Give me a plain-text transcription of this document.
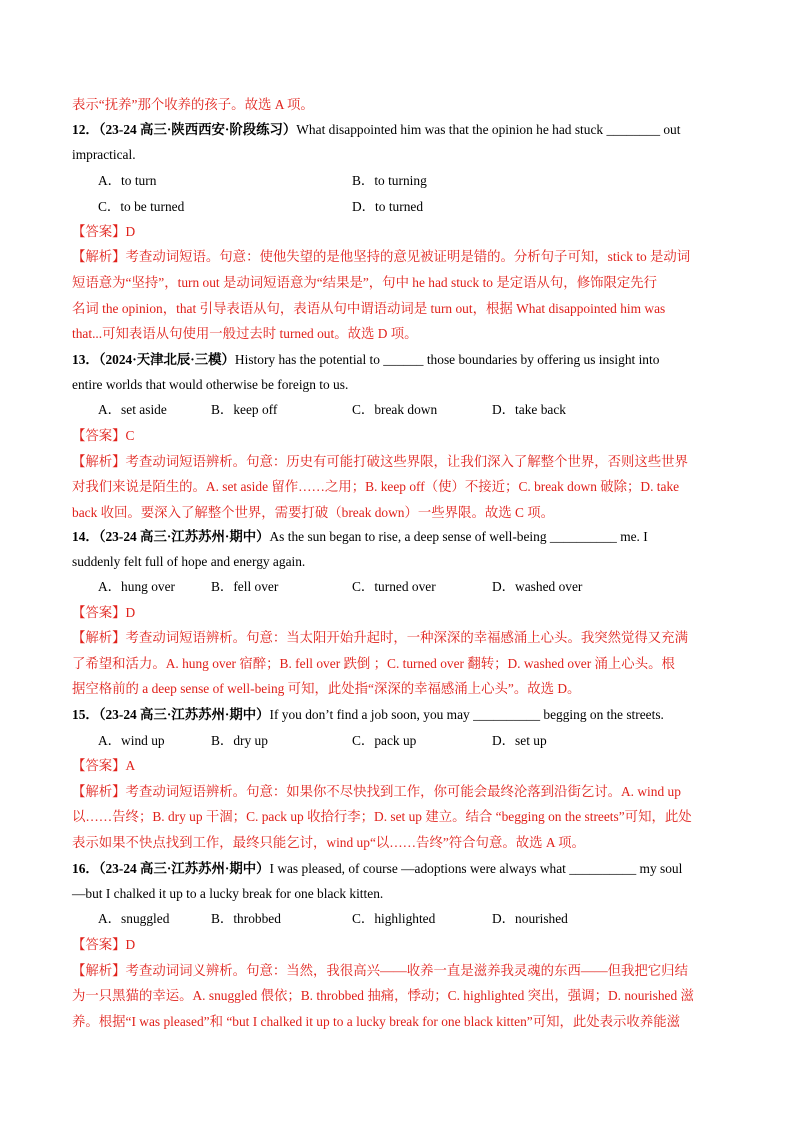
表示“抚养”那个收养的孩子。故选 A 项。
12．（23-24 高三·陕西西安·阶段练习）What disappointed him was that the opinion he had stuck ________ out
impractical.
A．to turn	B．to turning
C．to be turned	D．to turned
【答案】D
【解析】考查动词短语。句意：使他失望的是他坚持的意见被证明是错的。分析句子可知，stick to 是动词
短语意为“坚持”，turn out 是动词短语意为“结果是”，句中 he had stuck to 是定语从句，修饰限定先行
名词 the opinion，that 引导表语从句，表语从句中谓语动词是 turn out，根据 What disappointed him was
that...可知表语从句使用一般过去时 turned out。故选 D 项。
13．（2024·天津北辰·三模）History has the potential to ______ those boundaries by offering us insight into
entire worlds that would otherwise be foreign to us.
A．set aside	B．keep off	C．break down	D．take back
【答案】C
【解析】考查动词短语辨析。句意：历史有可能打破这些界限，让我们深入了解整个世界，否则这些世界
对我们来说是陌生的。A. set aside 留作……之用；B. keep off（使）不接近；C. break down 破除；D. take
back 收回。要深入了解整个世界，需要打破（break down）一些界限。故选 C 项。
14．（23-24 高三·江苏苏州·期中）As the sun began to rise, a deep sense of well-being __________ me. I
suddenly felt full of hope and energy again.
A．hung over	B．fell over	C．turned over	D．washed over
【答案】D
【解析】考查动词短语辨析。句意：当太阳开始升起时，一种深深的幸福感涌上心头。我突然觉得又充满
了希望和活力。A. hung over 宿醉；B. fell over 跌倒 ；C. turned over 翻转；D. washed over 涌上心头。根
据空格前的 a deep sense of well-being 可知，此处指“深深的幸福感涌上心头”。故选 D。
15．（23-24 高三·江苏苏州·期中）If you don’t find a job soon, you may __________ begging on the streets.
A．wind up	B．dry up	C．pack up	D．set up
【答案】A
【解析】考查动词短语辨析。句意：如果你不尽快找到工作，你可能会最终沦落到沿街乞讨。A. wind up
以……告终；B. dry up 干涸；C. pack up 收拾行李；D. set up 建立。结合 “begging on the streets”可知，此处
表示如果不快点找到工作，最终只能乞讨，wind up“以……告终”符合句意。故选 A 项。
16．（23-24 高三·江苏苏州·期中）I was pleased, of course —adoptions were always what __________ my soul
—but I chalked it up to a lucky break for one black kitten.
A．snuggled	B．throbbed	C．highlighted	D．nourished
【答案】D
【解析】考查动词词义辨析。句意：当然，我很高兴——收养一直是滋养我灵魂的东西——但我把它归结
为一只黑猫的幸运。A. snuggled 偎依；B. throbbed 抽痛，悸动；C. highlighted 突出，强调；D. nourished 滋
养。根据“I was pleased”和 “but I chalked it up to a lucky break for one black kitten”可知，此处表示收养能滋
